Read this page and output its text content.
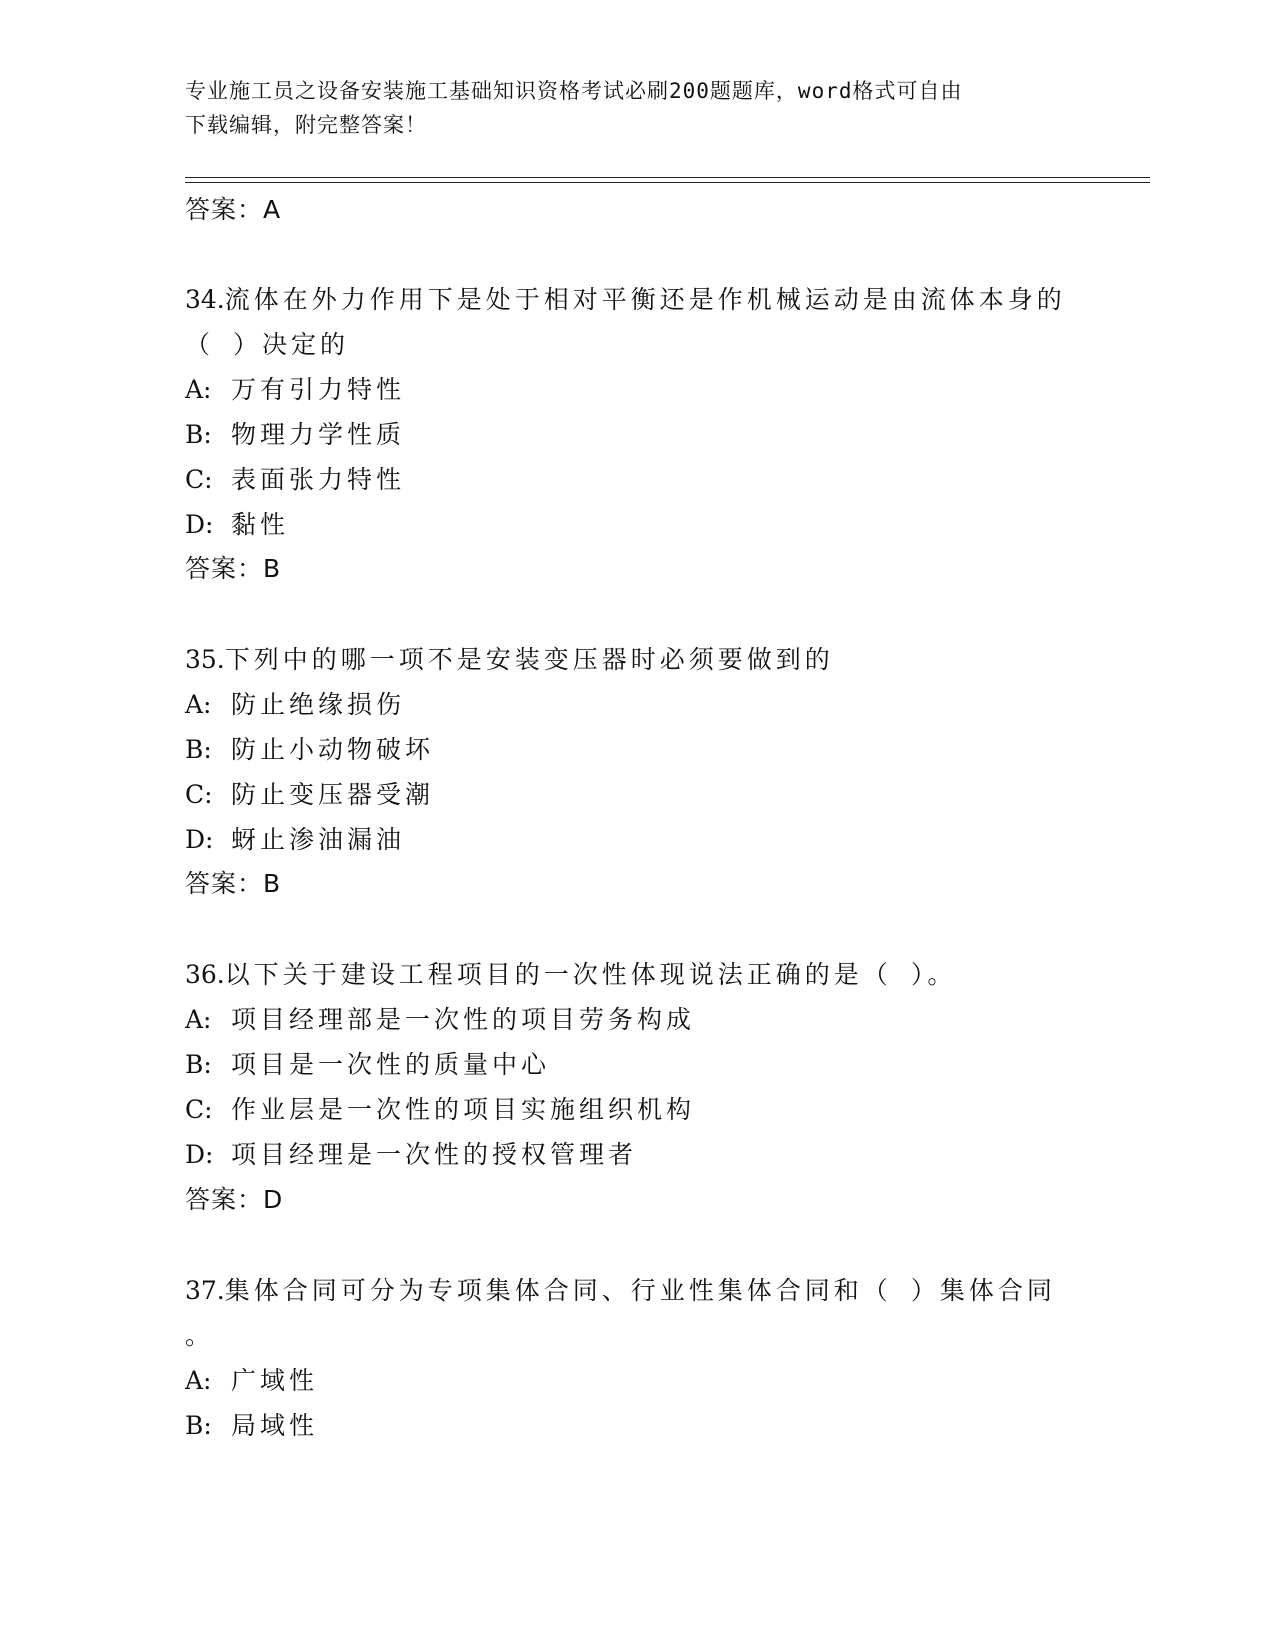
专业施工员之设备安装施工基础知识资格考试必刷200题题库，word格式可自由
下载编辑，附完整答案！
答案：A
34.流体在外力作用下是处于相对平衡还是作机械运动是由流体本身的
（ ）决定的
A: 万有引力特性
B: 物理力学性质
C: 表面张力特性
D: 黏性
答案：B
35.下列中的哪一项不是安装变压器时必须要做到的
A: 防止绝缘损伤
B: 防止小动物破坏
C: 防止变压器受潮
D: 蚜止渗油漏油
答案：B
36.以下关于建设工程项目的一次性体现说法正确的是（ ）。
A: 项目经理部是一次性的项目劳务构成
B: 项目是一次性的质量中心
C: 作业层是一次性的项目实施组织机构
D: 项目经理是一次性的授权管理者
答案：D
37.集体合同可分为专项集体合同、行业性集体合同和（ ）集体合同
。
A: 广域性
B: 局域性
